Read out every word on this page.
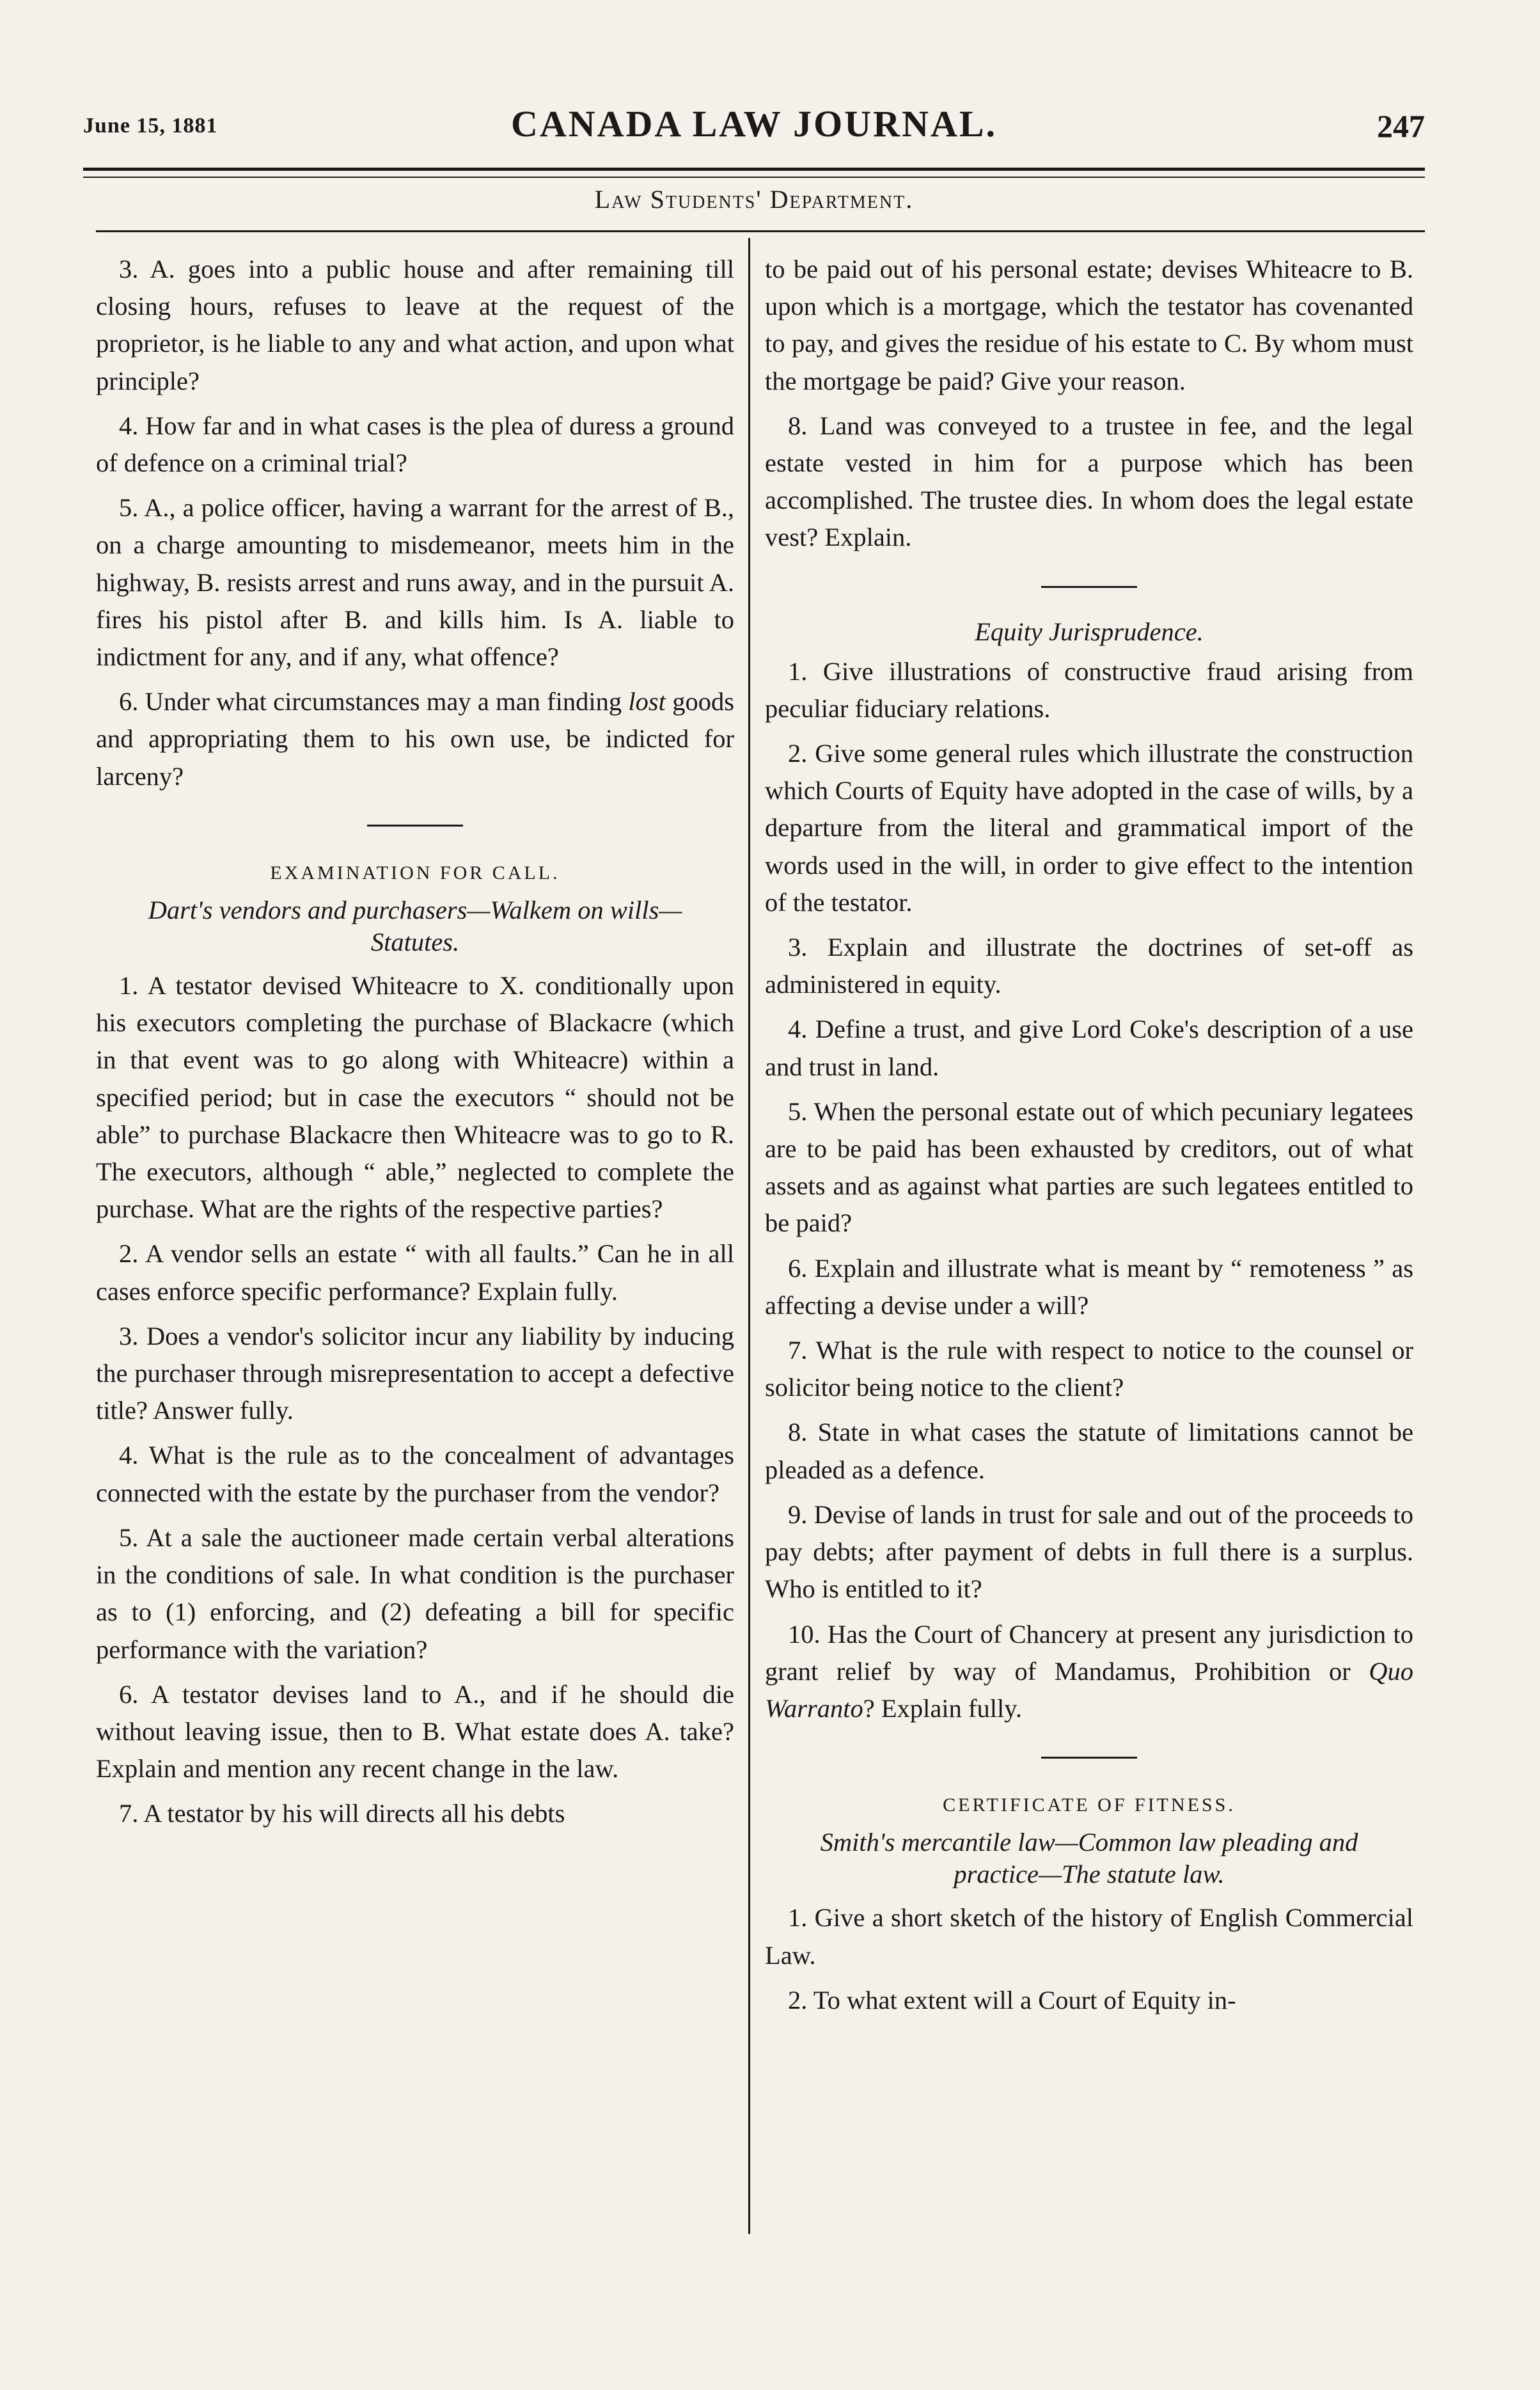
June 15, 1881	CANADA LAW JOURNAL.	247
Law Students' Department.

3. A. goes into a public house and after remaining till closing hours, refuses to leave at the request of the proprietor, is he liable to any and what action, and upon what principle?

4. How far and in what cases is the plea of duress a ground of defence on a criminal trial?

5. A., a police officer, having a warrant for the arrest of B., on a charge amounting to misdemeanor, meets him in the highway, B. resists arrest and runs away, and in the pursuit A. fires his pistol after B. and kills him. Is A. liable to indictment for any, and if any, what offence?

6. Under what circumstances may a man finding lost goods and appropriating them to his own use, be indicted for larceny?

EXAMINATION FOR CALL.

Dart's vendors and purchasers—Walkem on wills—Statutes.

1. A testator devised Whiteacre to X. conditionally upon his executors completing the purchase of Blackacre (which in that event was to go along with Whiteacre) within a specified period; but in case the executors “ should not be able” to purchase Blackacre then Whiteacre was to go to R. The executors, although “ able,” neglected to complete the purchase. What are the rights of the respective parties?

2. A vendor sells an estate “ with all faults.” Can he in all cases enforce specific performance? Explain fully.

3. Does a vendor's solicitor incur any liability by inducing the purchaser through misrepresentation to accept a defective title? Answer fully.

4. What is the rule as to the concealment of advantages connected with the estate by the purchaser from the vendor?

5. At a sale the auctioneer made certain verbal alterations in the conditions of sale. In what condition is the purchaser as to (1) enforcing, and (2) defeating a bill for specific performance with the variation?

6. A testator devises land to A., and if he should die without leaving issue, then to B. What estate does A. take? Explain and mention any recent change in the law.

7. A testator by his will directs all his debts

to be paid out of his personal estate; devises Whiteacre to B. upon which is a mortgage, which the testator has covenanted to pay, and gives the residue of his estate to C. By whom must the mortgage be paid? Give your reason.

8. Land was conveyed to a trustee in fee, and the legal estate vested in him for a purpose which has been accomplished. The trustee dies. In whom does the legal estate vest? Explain.

Equity Jurisprudence.

1. Give illustrations of constructive fraud arising from peculiar fiduciary relations.

2. Give some general rules which illustrate the construction which Courts of Equity have adopted in the case of wills, by a departure from the literal and grammatical import of the words used in the will, in order to give effect to the intention of the testator.

3. Explain and illustrate the doctrines of set-off as administered in equity.

4. Define a trust, and give Lord Coke's description of a use and trust in land.

5. When the personal estate out of which pecuniary legatees are to be paid has been exhausted by creditors, out of what assets and as against what parties are such legatees entitled to be paid?

6. Explain and illustrate what is meant by “ remoteness ” as affecting a devise under a will?

7. What is the rule with respect to notice to the counsel or solicitor being notice to the client?

8. State in what cases the statute of limitations cannot be pleaded as a defence.

9. Devise of lands in trust for sale and out of the proceeds to pay debts; after payment of debts in full there is a surplus. Who is entitled to it?

10. Has the Court of Chancery at present any jurisdiction to grant relief by way of Mandamus, Prohibition or Quo Warranto? Explain fully.

CERTIFICATE OF FITNESS.

Smith's mercantile law—Common law pleading and practice—The statute law.

1. Give a short sketch of the history of English Commercial Law.

2. To what extent will a Court of Equity in-
